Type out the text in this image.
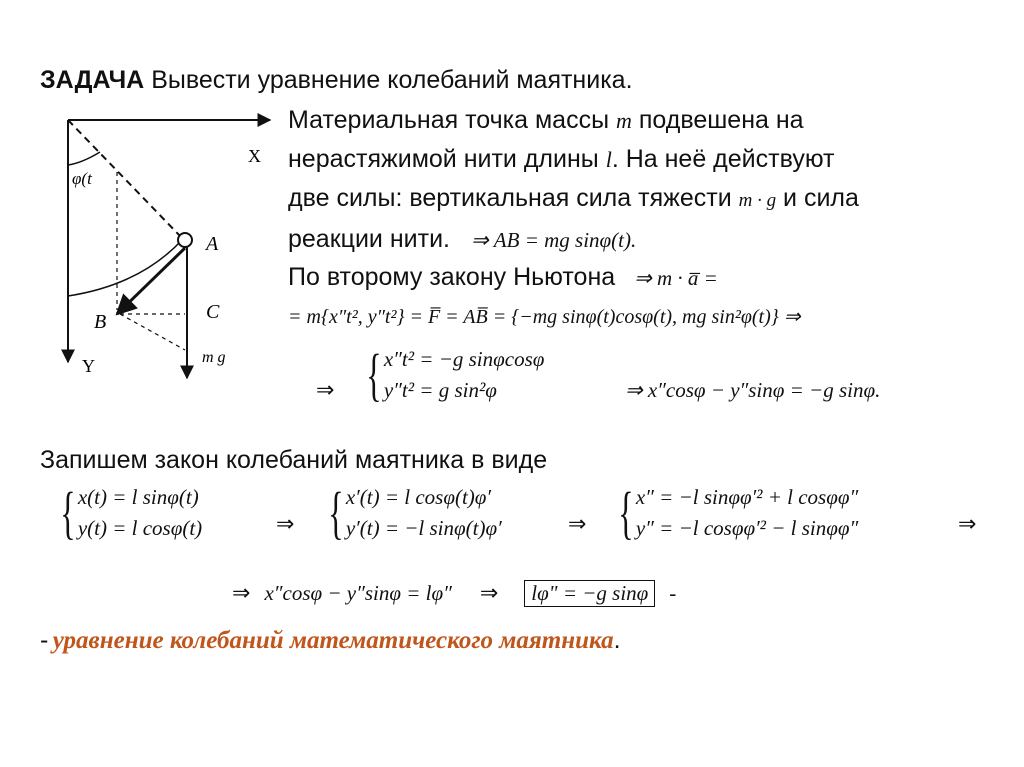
ЗАДАЧА Вывести уравнение колебаний маятника.
Материальная точка массы m подвешена на
нерастяжимой нити длины l. На неё действуют
две силы: вертикальная сила тяжести m · g и сила
реакции нити. ⇒ AB = mg sinφ(t).
По второму закону Ньютона ⇒ m · a̅ =
= m{x″t², y″t²} = F̅ = AB̅ = {−mg sinφ(t)cosφ(t), mg sin²φ(t)} ⇒
⇒ { x″t² = −g sinφcosφ
y″t² = g sin²φ	⇒ x″cosφ − y″sinφ = −g sinφ.
Запишем закон колебаний маятника в виде
{ x(t) = l sinφ(t)
y(t) = l cosφ(t)	⇒ { x′(t) = l cosφ(t)φ′
y′(t) = −l sinφ(t)φ′	⇒ { x″ = −l sinφφ′² + l cosφφ″
y″ = −l cosφφ′² − l sinφφ″	⇒
⇒ x″cosφ − y″sinφ = lφ″ ⇒	lφ" = −g sinφ	-
- уравнение колебаний математического маятника.
X
Y
A
B	C
φ(t
m g
